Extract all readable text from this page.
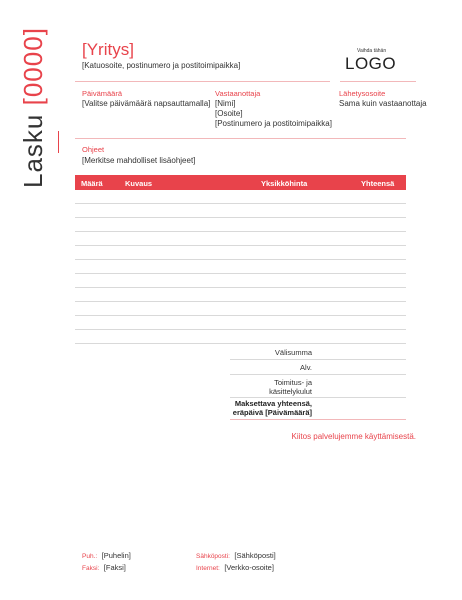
Lasku [0000] [Yritys]
[Katuosoite, postinumero ja postitoimipaikka]
Vaihda tähän
LOGO
Päivämäärä
[Valitse päivämäärä napsauttamalla]
Vastaanottaja
[Nimi]
[Osoite]
[Postinumero ja postitoimipaikka]
Lähetysosoite
Sama kuin vastaanottaja
Ohjeet
[Merkitse mahdolliset lisäohjeet]
Määrä	Kuvaus	Yksikköhinta	Yhteensä
Välisumma
Alv.
Toimitus- ja
käsittelykulut
Maksettava yhteensä,
eräpäivä [Päivämäärä]
Kiitos palvelujemme käyttämisestä.
Puh.: [Puhelin]
Faksi: [Faksi]
Sähköposti: [Sähköposti]
Internet: [Verkko-osoite]
